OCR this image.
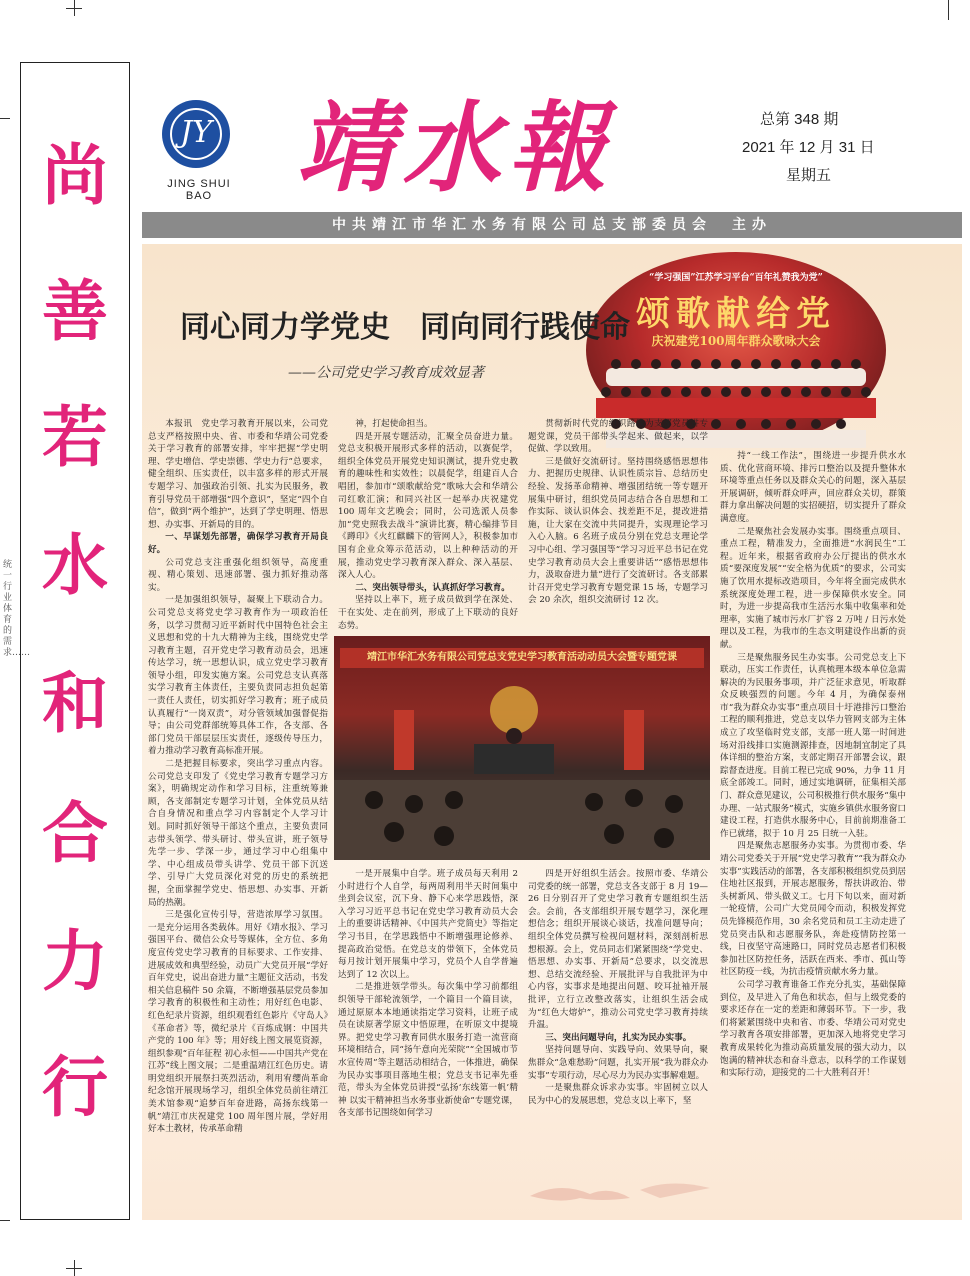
尚
善
若
水
和
合
力
行
JY
JING SHUI BAO 靖水報	总第 348 期
2021 年 12 月 31 日
星期五
中共靖江市华汇水务有限公司总支部委员会　主办
“学习强国”江苏学习平台“百年礼赞我为党”
颂歌献给党
庆祝建党100周年群众歌咏大会
同心同力学党史　同向同行践使命
——公司党史学习教育成效显著

本报讯　党史学习教育开展以来，公司党总支严格按照中央、省、市委和华靖公司党委关于学习教育的部署安排，牢牢把握“学史明理、学史增信、学史崇德、学史力行”总要求，健全组织、压实责任，以丰富多样的形式开展专题学习、加强政治引领、扎实为民服务，教育引导党员干部增强“四个意识”，坚定“四个自信”，做到“两个维护”，达到了学史明理、悟思想、办实事、开新局的目的。

一、早谋划先部署，确保学习教育开局良好。

公司党总支注重强化组织领导，高度重视、精心策划、迅速部署、强力抓好推动落实。

一是加强组织领导，凝聚上下联动合力。公司党总支将党史学习教育作为一项政治任务，以学习贯彻习近平新时代中国特色社会主义思想和党的十九大精神为主线，围绕党史学习教育主题，召开党史学习教育动员会，迅速传达学习，统一思想认识，成立党史学习教育领导小组，印发实施方案。公司党总支认真落实学习教育主体责任，主要负责同志担负起第一责任人责任，切实抓好学习教育；班子成员认真履行“一岗双责”，对分管领域加强督促指导；由公司党群部统筹具体工作，各支部、各部门党员干部层层压实责任，逐级传导压力，着力推动学习教育高标准开展。

二是把握目标要求，突出学习重点内容。公司党总支印发了《党史学习教育专题学习方案》，明确规定动作和学习目标，注重统筹兼顾，各支部制定专题学习计划，全体党员从结合自身情况和重点学习内容制定个人学习计划。同时抓好领导干部这个重点，主要负责同志带头领学、带头研讨、带头宣讲，班子领导先学一步、学深一步，通过学习中心组集中学、中心组成员带头讲学、党员干部下沉送学、引导广大党员深化对党的历史的系统把握，全面掌握学党史、悟思想、办实事、开新局的热潮。

三是强化宣传引导，营造浓厚学习氛围。一是充分运用各类载体。用好《靖水报》、学习强国平台、微信公众号等媒体，全方位、多角度宣传党史学习教育的目标要求、工作安排、进展成效和典型经验，动员广大党员开展“学好百年党史，说出奋进力量”主题征文活动，书发相关信息稿件 50 余篇，不断增强基层党员参加学习教育的积极性和主动性；用好红色电影、红色纪录片资源，组织观看红色影片《守岛人》《革命者》等，微纪录片《百炼成钢：中国共产党的 100 年》等；用好线上图文展览资源，组织参观“百年征程 初心永恒——中国共产党在江苏”线上图文展；二是重温靖江红色历史。请明党组织开展祭扫英烈活动，利用宥缨尚革命纪念馆开展现场学习，组织全体党员前往靖江美术馆参观“追梦百年奋进路，高扬东线第一帆”靖江市庆祝建党 100 周年图片展，学好用好本土教材，传承革命精

神，打起使命担当。

四是开展专题活动，汇聚全员奋进力量。党总支积极开展形式多样的活动，以赛促学，组织全体党员开展党史知识测试，提升党史教育的趣味性和实效性；以晨促学，组建百人合唱团，参加市“颂歌献给党”歌咏大会和华靖公司红歌汇演；和同兴社区一起举办庆祝建党 100 周年文艺晚会；同时，公司选派人员参加“党史照我去战斗”演讲比赛，精心编排节目《蹲印》《火红麒麟下的管网人》，积极参加市国有企业众筹示范活动，以上种种活动的开展，推动党史学习教育深入群众、深入基层、深入人心。

二、突出领导带头，认真抓好学习教育。

坚持以上率下，班子成员做到学在深处、干在实处、走在前列，形成了上下联动的良好态势。

贯彻新时代党的组织路线为支部党员讲专题党课，党员干部带头学起来、做起来，以学促做、学以致用。

三是做好交流研讨。坚持围绕感悟思想伟力、把握历史规律、认识性质宗旨、总结历史经验、发扬革命精神、增强团结统一等专题开展集中研讨，组织党员同志结合各自思想和工作实际、谈认识体会、找差距不足，提改进措施，让大家在交流中共同提升，实现理论学习入心入脑。6 名班子成员分别在党总支理论学习中心组、学习强国等“学习习近平总书记在党史学习教育动员大会上重要讲话”“感悟思想伟力，汲取奋进力量”进行了交流研讨。各支部累计召开党史学习教育专题党课 15 场，专题学习会 20 余次，组织交流研讨 12 次。

持“一线工作法”，围绕进一步提升供水水质、优化营商环境、排污口整治以及提升整体水环境等重点任务以及群众关心的问题，深入基层开展调研，倾听群众呼声，回应群众关切，群策群力拿出解决问题的实招硬招，切实提升了群众满意度。

二是聚焦社会发展办实事。围绕重点项目、重点工程，精准发力，全面推进“水润民生”工程。近年来，根据省政府办公厅提出的供水水质“要深度发展”“安全格为优质”的要求，公司实施了饮用水提标改造项目，今年将全面完成供水系统深度处理工程，进一步保障供水安全。同时，为进一步提高我市生活污水集中收集率和处理率，实施了城市污水厂扩容 2 万吨 / 日污水处理以及工程，为我市的生态文明建设作出新的贡献。

三是聚焦服务民生办实事。公司党总支上下联动，压实工作责任，认真梳理本级本单位急需解决的为民服务事项，并广泛征求意见，听取群众反映强烈的问题。今年 4 月，为确保泰州市“我为群众办实事”重点项目十圩港排污口整治工程的顺利推进，党总支以华力管网支部为主体成立了攻坚临时党支部，支部一班人第一时间进场对沿线排口实施测源排查，因地制宜制定了具体详细的整治方案，支部定期召开部署会议，跟踪督查进度。目前工程已完成 90%，力争 11 月底全部竣工。同时，通过实地调研，征集相关部门、群众意见建议，公司积极推行供水服务“集中办理、一站式服务”模式，实施乡镇供水服务窗口建设工程，打造供水服务中心，目前前期准备工作已就绪，拟于 10 月 25 日统一入驻。

四是聚焦志愿服务办实事。为贯彻市委、华靖公司党委关于开展“党史学习教育”“我为群众办实事”实践活动的部署，各支部积极组织党员到居住地社区报到，开展志愿服务，帮扶讲政治、带头树新风、带头做义工。七月下旬以来，面对新一轮疫情，公司广大党员闻令而动，积极发挥党员先锋模范作用，30 余名党员和员工主动走进了党员突击队和志愿服务队，奔赴疫情防控第一线，日夜坚守高速路口，同时党员志愿者们积极参加社区防控任务，活跃在西来、季市、孤山等社区防疫一线，为抗击疫情贡献水务力量。

公司学习教育谁备工作充分扎实，基础保障到位，及早进入了角色和状态，但与上级党委的要求还存在一定的差距和薄弱环节。下一步，我们将紧紧围绕中央和省、市委、华靖公司对党史学习教育各项安排部署，更加深入地将党史学习教育成果转化为推动高质量发展的强大动力，以饱满的精神状态和奋斗意志，以科学的工作谋划和实际行动，迎接党的二十大胜利召开！

靖江市华汇水务有限公司党总支党史学习教育活动动员大会暨专题党课

一是开展集中自学。班子成员每天利用 2 小时进行个人自学，每两周利用半天时间集中坐到会议室，沉下身、静下心来学思践悟，深入学习习近平总书记在党史学习教育动员大会上的重要讲话精神、《中国共产党简史》等指定学习书目，在学思践悟中不断增强理论修养、提高政治觉悟。在党总支的带领下，全体党员每月按计划开展集中学习，党员个人自学普遍达到了 12 次以上。

二是推进领学带头。每次集中学习前都组织领导干部轮流领学，一个篇目一个篇目读，通过原原本本地通读指定学习资料，让班子成员在读原著学原文中悟原理，在听原文中提境界。把党史学习教育同供水服务打造一流营商环境相结合，同“扬午意向光荣院”“全国城市节水宣传周”等主题活动相结合，一体推进，确保为民办实事项目落地生根；党总支书记率先垂范，带头为全体党员讲授“弘扬‘东线第一帆’精神 以实干精神担当水务事业新使命”专题党课，各支部书记围绕如何学习

四是开好组织生活会。按照市委、华靖公司党委的统一部署，党总支各支部于 8 月 19—26 日分别召开了党史学习教育专题组织生活会。会前，各支部组织开展专题学习，深化理想信念；组织开展谈心谈话，找准问题导向；组织全体党员撰写检视问题材料，深刻剖析思想根源。会上，党员同志们紧紧围绕“学党史、悟思想、办实事、开新局”总要求，以交流思想、总结交流经验、开展批评与自我批评为中心内容，实事求是地提出问题、咬耳扯袖开展批评，立行立改整改落实，让组织生活会成为“红色大熔炉”，推动公司党史学习教育持续升温。

三、突出问题导向，扎实为民办实事。

坚持问题导向、实践导向、效果导向，聚焦群众“急难愁盼”问题，扎实开展“我为群众办实事”专项行动，尽心尽力为民办实事解难题。

一是聚焦群众诉求办实事。牢固树立以人民为中心的发展思想，党总支以上率下，坚

统一行业体育的需求……
